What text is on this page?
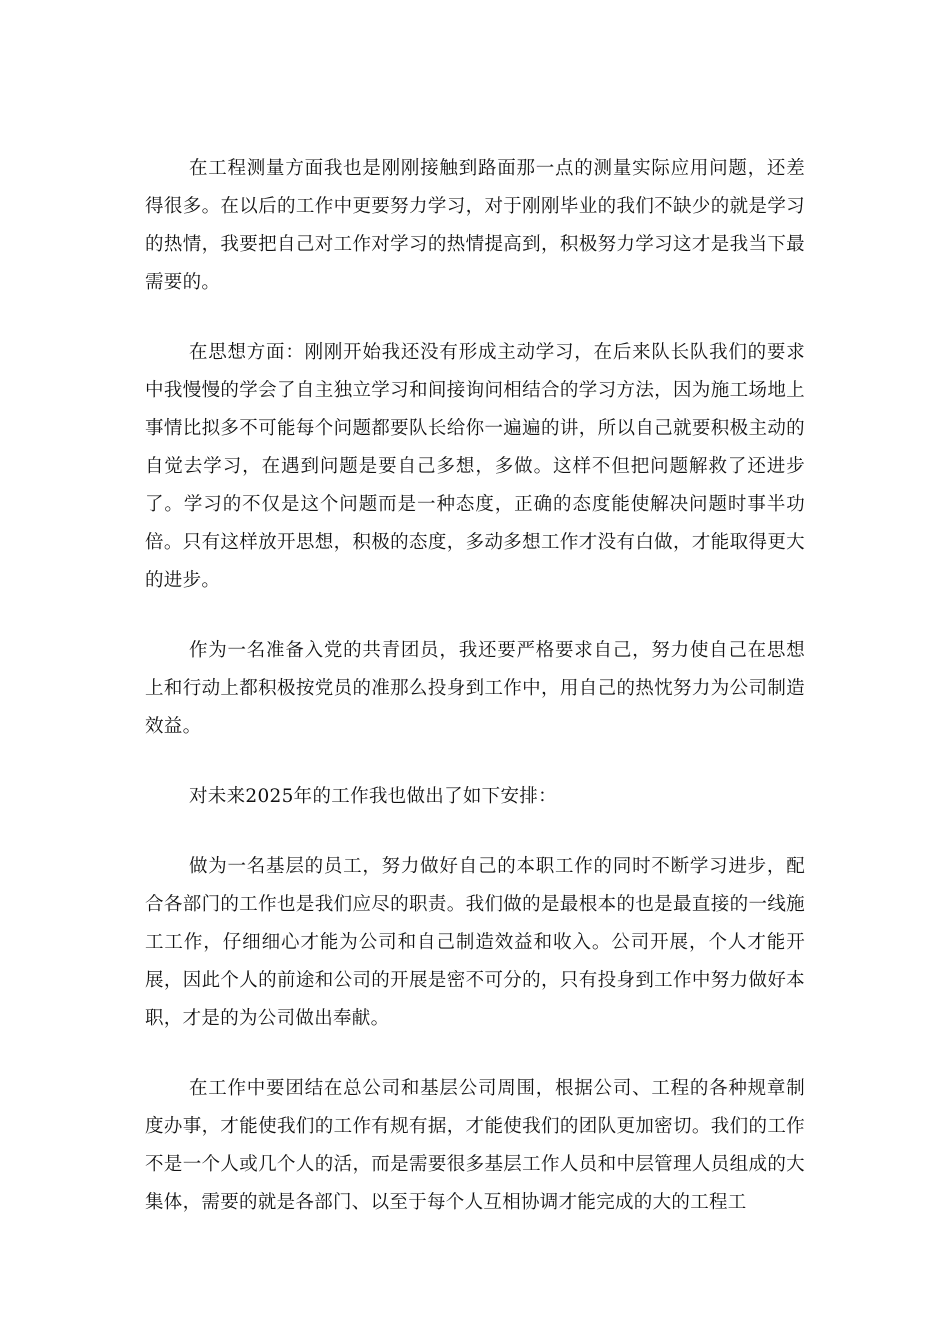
在工程测量方面我也是刚刚接触到路面那一点的测量实际应用问题，还差得很多。在以后的工作中更要努力学习，对于刚刚毕业的我们不缺少的就是学习的热情，我要把自己对工作对学习的热情提高到，积极努力学习这才是我当下最需要的。

在思想方面：刚刚开始我还没有形成主动学习，在后来队长队我们的要求中我慢慢的学会了自主独立学习和间接询问相结合的学习方法，因为施工场地上事情比拟多不可能每个问题都要队长给你一遍遍的讲，所以自己就要积极主动的自觉去学习，在遇到问题是要自己多想，多做。这样不但把问题解救了还进步了。学习的不仅是这个问题而是一种态度，正确的态度能使解决问题时事半功倍。只有这样放开思想，积极的态度，多动多想工作才没有白做，才能取得更大的进步。

作为一名准备入党的共青团员，我还要严格要求自己，努力使自己在思想上和行动上都积极按党员的准那么投身到工作中，用自己的热忱努力为公司制造效益。

对未来2025年的工作我也做出了如下安排：

做为一名基层的员工，努力做好自己的本职工作的同时不断学习进步，配合各部门的工作也是我们应尽的职责。我们做的是最根本的也是最直接的一线施工工作，仔细细心才能为公司和自己制造效益和收入。公司开展，个人才能开展，因此个人的前途和公司的开展是密不可分的，只有投身到工作中努力做好本职，才是的为公司做出奉献。

在工作中要团结在总公司和基层公司周围，根据公司、工程的各种规章制度办事，才能使我们的工作有规有据，才能使我们的团队更加密切。我们的工作不是一个人或几个人的活，而是需要很多基层工作人员和中层管理人员组成的大集体，需要的就是各部门、以至于每个人互相协调才能完成的大的工程工
